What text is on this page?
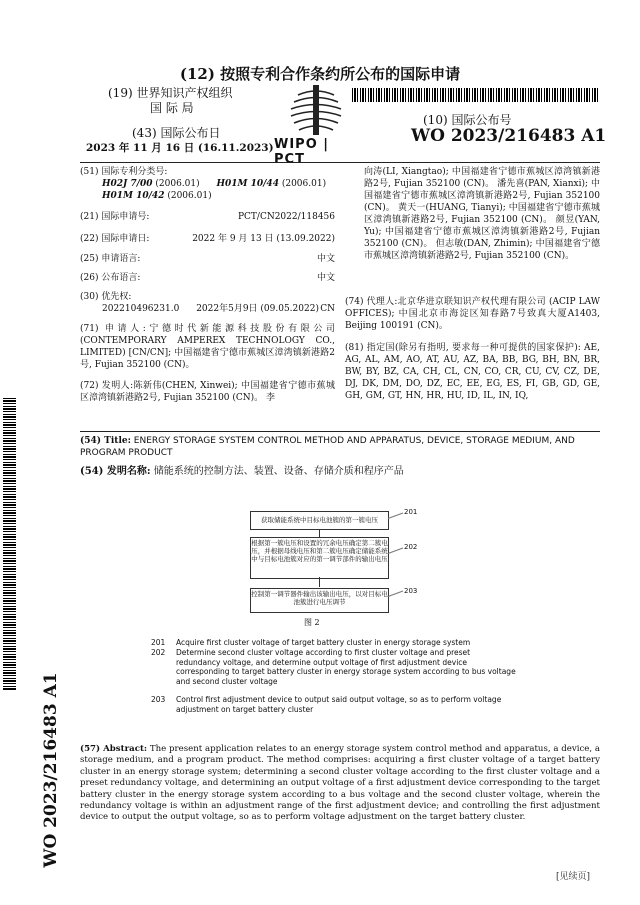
(12) 按照专利合作条约所公布的国际申请
(19) 世界知识产权组织
国 际 局
(43) 国际公布日
2023 年 11 月 16 日 (16.11.2023) WIPO | PCT
(10) 国际公布号
WO 2023/216483 A1
(51) 国际专利分类号:
H02J 7/00 (2006.01) H01M 10/44 (2006.01)
H01M 10/42 (2006.01)
(21) 国际申请号:	PCT/CN2022/118456
(22) 国际申请日:	2022 年 9 月 13 日 (13.09.2022)
(25) 申请语言:	中文
(26) 公布语言:	中文
(30) 优先权:
202210496231.0 2022年5月9日 (09.05.2022) CN
(71) 申请人:宁德时代新能源科技股份有限公司 (CONTEMPORARY AMPEREX TECHNOLOGY CO., LIMITED) [CN/CN]; 中国福建省宁德市蕉城区漳湾镇新港路2号, Fujian 352100 (CN)。
(72) 发明人:陈新伟(CHEN, Xinwei); 中国福建省宁德市蕉城区漳湾镇新港路2号, Fujian 352100 (CN)。 李
向涛(LI, Xiangtao); 中国福建省宁德市蕉城区漳湾镇新港路2号, Fujian 352100 (CN)。 潘先喜(PAN, Xianxi); 中国福建省宁德市蕉城区漳湾镇新港路2号, Fujian 352100 (CN)。 黄天一(HUANG, Tianyi); 中国福建省宁德市蕉城区漳湾镇新港路2号, Fujian 352100 (CN)。 颜昱(YAN, Yu); 中国福建省宁德市蕉城区漳湾镇新港路2号, Fujian 352100 (CN)。 但志敏(DAN, Zhimin); 中国福建省宁德市蕉城区漳湾镇新港路2号, Fujian 352100 (CN)。
(74) 代理人:北京华进京联知识产权代理有限公司 (ACIP LAW OFFICES); 中国北京市海淀区知春路7号致真大厦A1403, Beijing 100191 (CN)。
(81) 指定国(除另有指明, 要求每一种可提供的国家保护): AE, AG, AL, AM, AO, AT, AU, AZ, BA, BB, BG, BH, BN, BR, BW, BY, BZ, CA, CH, CL, CN, CO, CR, CU, CV, CZ, DE, DJ, DK, DM, DO, DZ, EC, EE, EG, ES, FI, GB, GD, GE, GH, GM, GT, HN, HR, HU, ID, IL, IN, IQ,
(54) Title: ENERGY STORAGE SYSTEM CONTROL METHOD AND APPARATUS, DEVICE, STORAGE MEDIUM, AND PROGRAM PRODUCT
(54) 发明名称: 储能系统的控制方法、装置、设备、存储介质和程序产品
获取储能系统中目标电池簇的第一簇电压
根据第一簇电压和设置的冗余电压确定第二簇电压，并根据母线电压和第二簇电压确定储能系统中与目标电池簇对应的第一调节部件的输出电压
控制第一调节器件输出该输出电压，以对目标电池簇进行电压调节
201
202
203
图 2
201 Acquire first cluster voltage of target battery cluster in energy storage system
202 Determine second cluster voltage according to first cluster voltage and preset redundancy voltage, and determine output voltage of first adjustment device corresponding to target battery cluster in energy storage system according to bus voltage and second cluster voltage
203 Control first adjustment device to output said output voltage, so as to perform voltage adjustment on target battery cluster
(57) Abstract: The present application relates to an energy storage system control method and apparatus, a device, a storage medium, and a program product. The method comprises: acquiring a first cluster voltage of a target battery cluster in an energy storage system; determining a second cluster voltage according to the first cluster voltage and a preset redundancy voltage, and determining an output voltage of a first adjustment device corresponding to the target battery cluster in the energy storage system according to a bus voltage and the second cluster voltage, wherein the redundancy voltage is within an adjustment range of the first adjustment device; and controlling the first adjustment device to output the output voltage, so as to perform voltage adjustment on the target battery cluster.
WO 2023/216483 A1
[见续页]
